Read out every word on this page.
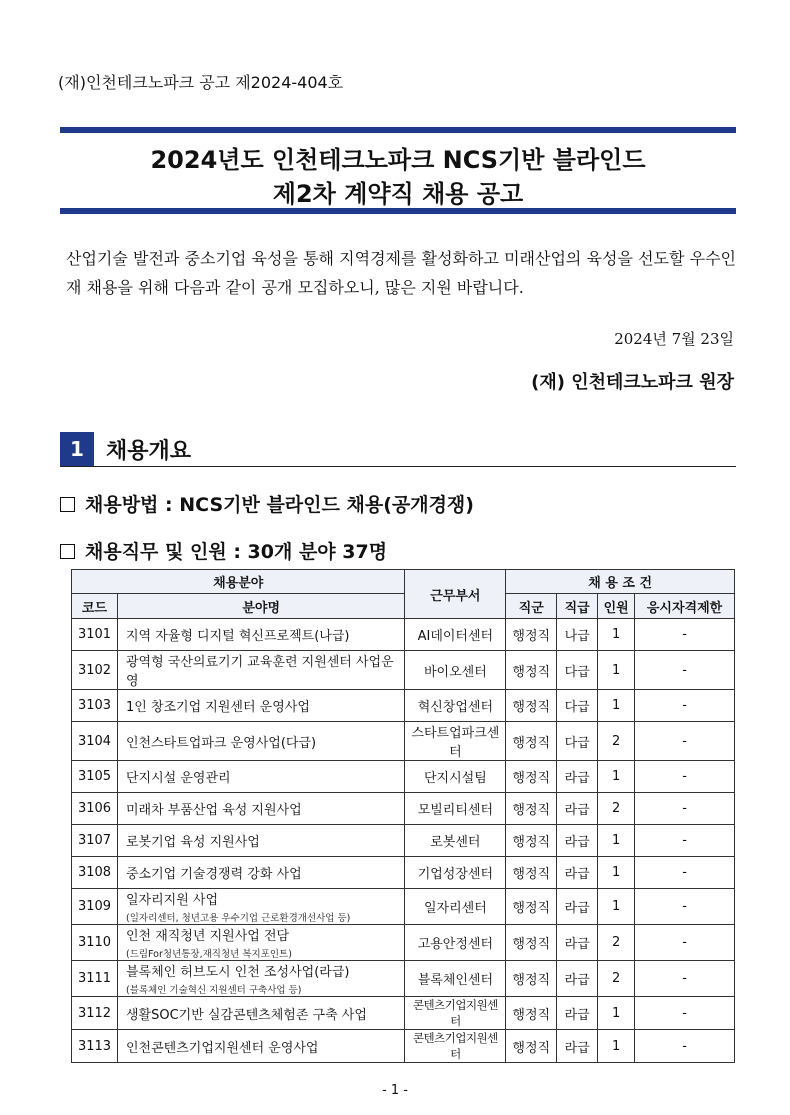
(재)인천테크노파크 공고 제2024-404호
2024년도 인천테크노파크 NCS기반 블라인드
제2차 계약직 채용 공고
산업기술 발전과 중소기업 육성을 통해 지역경제를 활성화하고 미래산업의 육성을 선도할 우수인재 채용을 위해 다음과 같이 공개 모집하오니, 많은 지원 바랍니다.
2024년 7월 23일
(재) 인천테크노파크 원장
1	채용개요
채용방법 : NCS기반 블라인드 채용(공개경쟁)
채용직무 및 인원 : 30개 분야 37명
채용분야		근무부서	채 용 조 건			
코드	분야명		직군	직급	인원	응시자격제한
3101	지역 자율형 디지털 혁신프로젝트(나급)	AI데이터센터	행정직	나급	1	-
3102	광역형 국산의료기기 교육훈련 지원센터 사업운영	바이오센터	행정직	다급	1	-
3103	1인 창조기업 지원센터 운영사업	혁신창업센터	행정직	다급	1	-
3104	인천스타트업파크 운영사업(다급)	스타트업파크센터	행정직	다급	2	-
3105	단지시설 운영관리	단지시설팀	행정직	라급	1	-
3106	미래차 부품산업 육성 지원사업	모빌리티센터	행정직	라급	2	-
3107	로봇기업 육성 지원사업	로봇센터	행정직	라급	1	-
3108	중소기업 기술경쟁력 강화 사업	기업성장센터	행정직	라급	1	-
3109	일자리지원 사업
(일자리센터, 청년고용 우수기업 근로환경개선사업 등)	일자리센터	행정직	라급	1	-
3110	인천 재직청년 지원사업 전담
(드림For청년통장,재직청년 복지포인트)	고용안정센터	행정직	라급	2	-
3111	블록체인 허브도시 인천 조성사업(라급)
(블록체인 기술혁신 지원센터 구축사업 등)	블록체인센터	행정직	라급	2	-
3112	생활SOC기반 실감콘텐츠체험존 구축 사업	콘텐츠기업지원센터	행정직	라급	1	-
3113	인천콘텐츠기업지원센터 운영사업	콘텐츠기업지원센터	행정직	라급	1	-
- 1 -
